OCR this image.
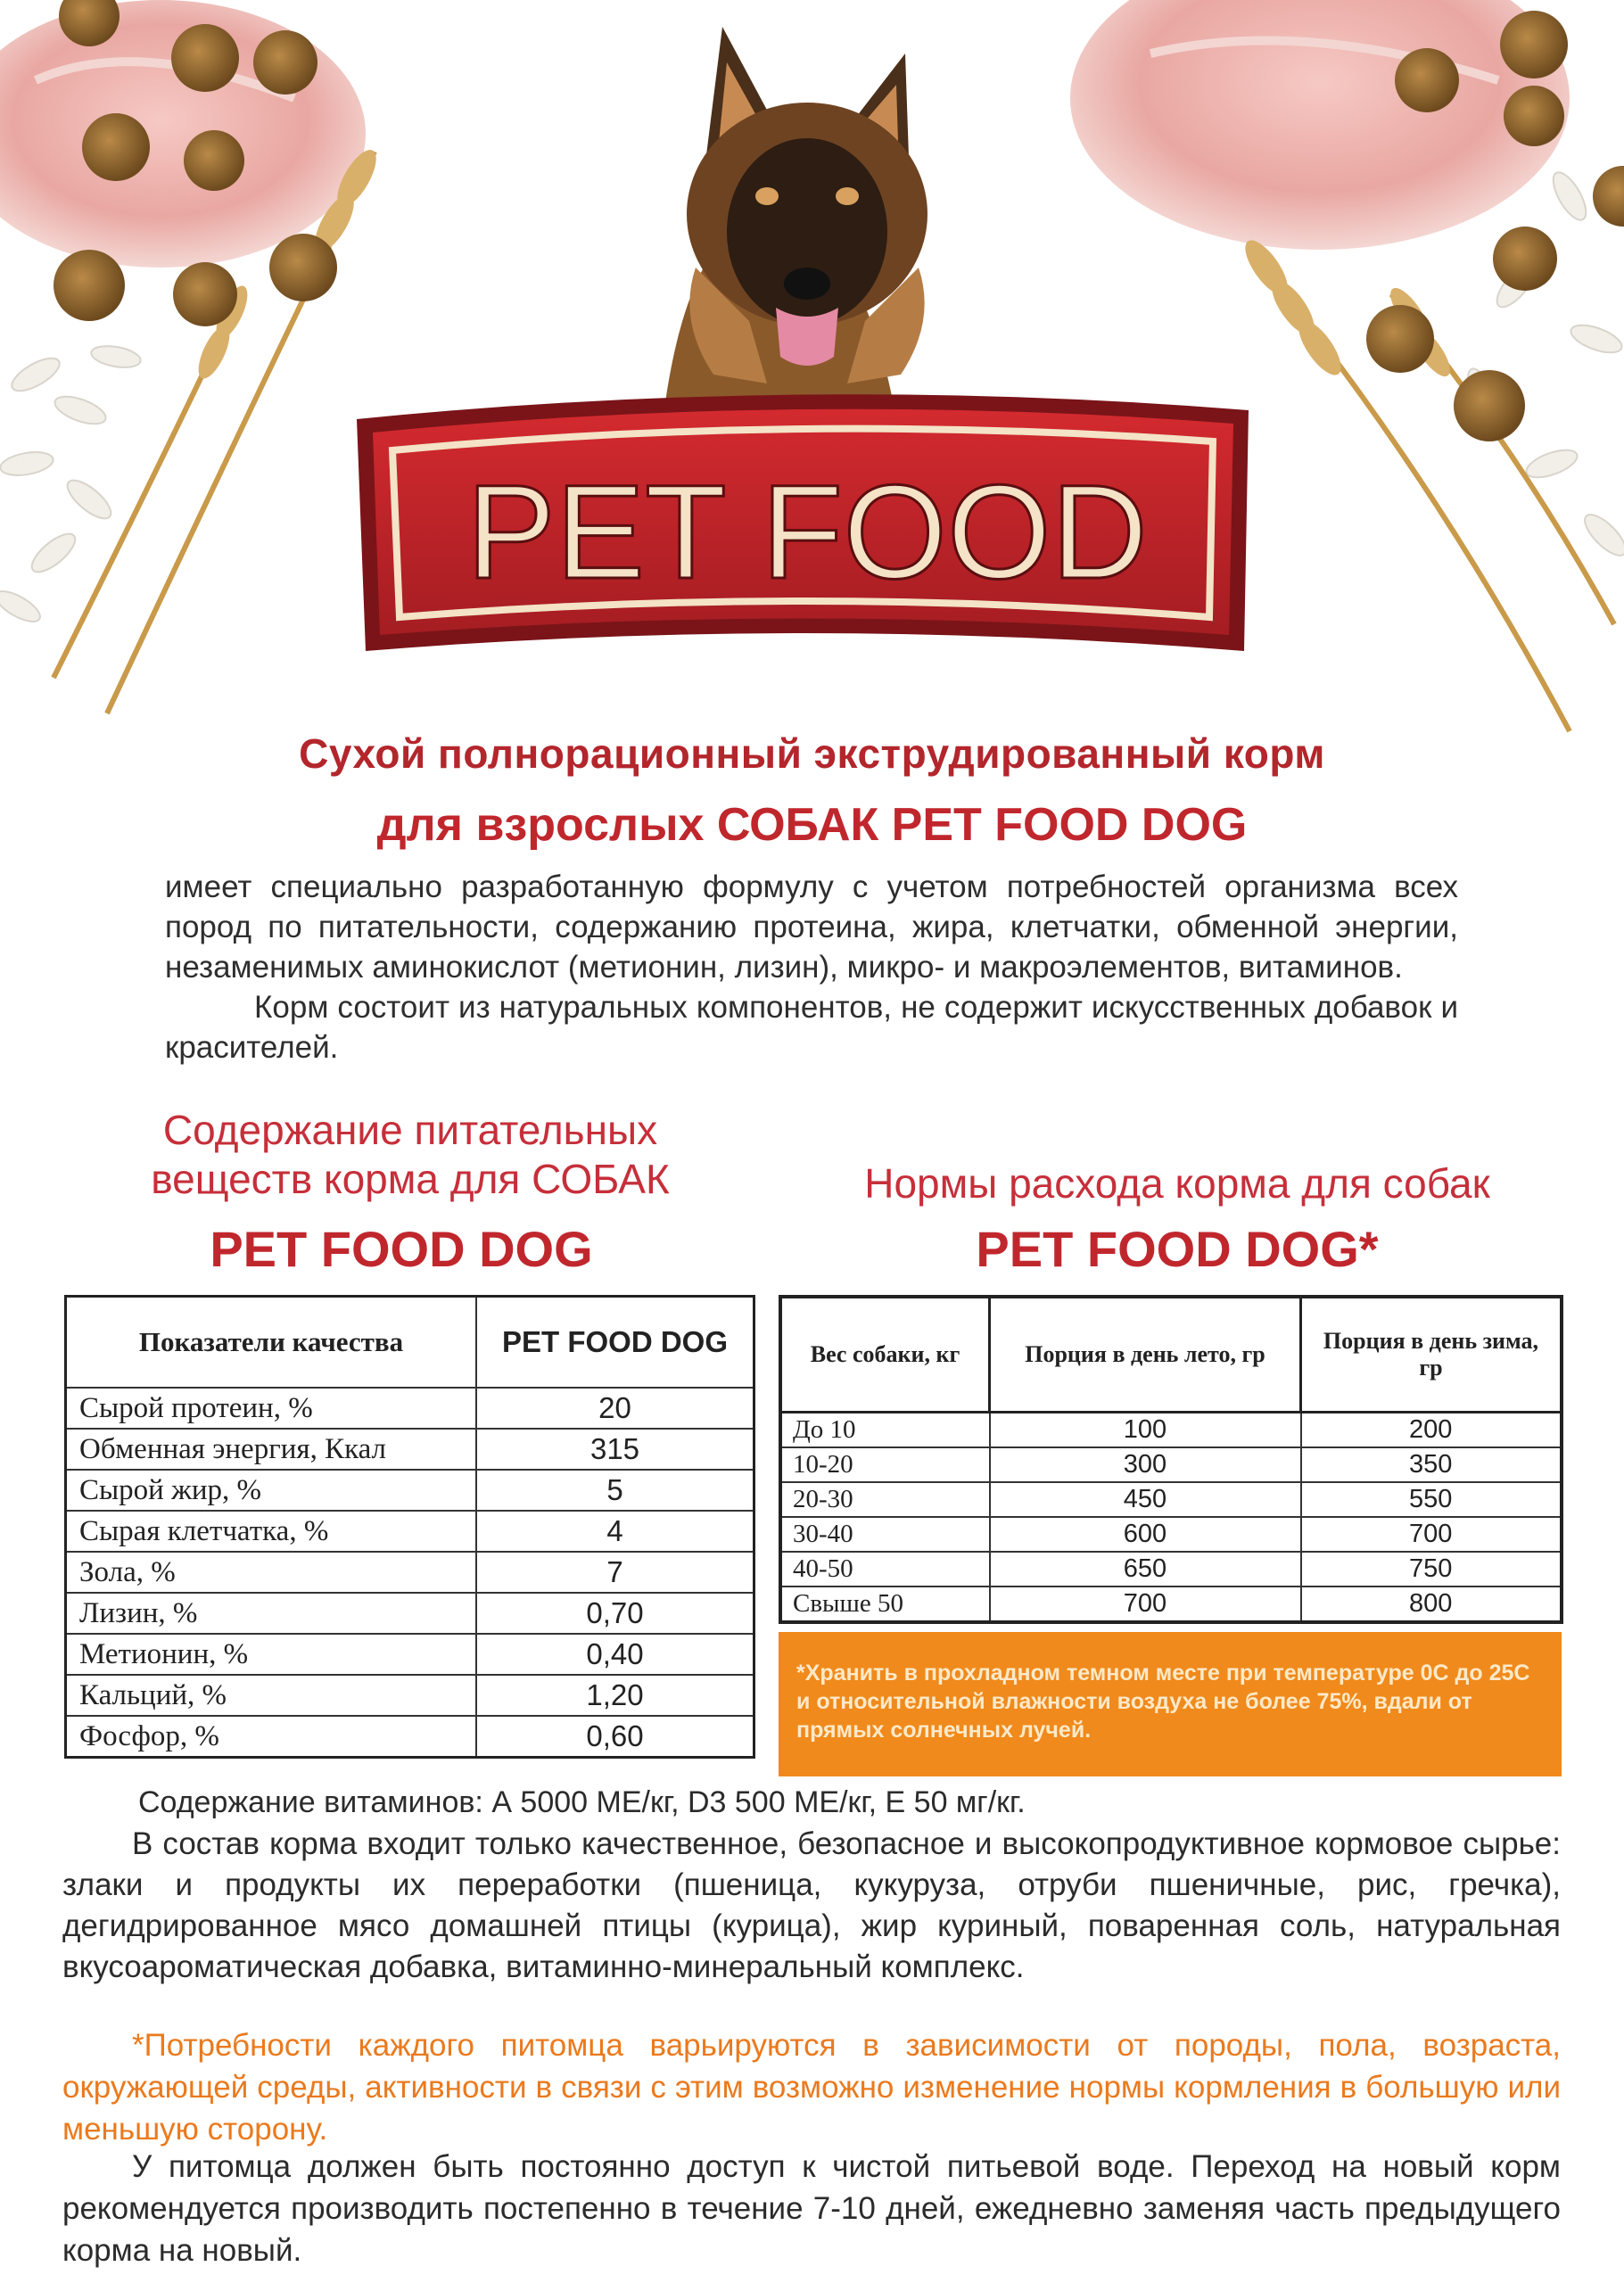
PET FOOD
Сухой полнорационный экструдированный корм
для взрослых СОБАК PET FOOD DOG

имеет специально разработанную формулу с учетом потребностей организма всех пород по питательности, содержанию протеина, жира, клетчатки, обменной энергии, незаменимых аминокислот (метионин, лизин), микро- и макроэлементов, витаминов.

Корм состоит из натуральных компонентов, не содержит искусственных добавок и красителей.

Содержание питательных
веществ корма для СОБАК
PET FOOD DOG
Нормы расхода корма для собак
PET FOOD DOG*
Показатели качества	PET FOOD DOG
Сырой протеин, %	20
Обменная энергия, Ккал	315
Сырой жир, %	5
Сырая клетчатка, %	4
Зола, %	7
Лизин, %	0,70
Метионин, %	0,40
Кальций, %	1,20
Фосфор, %	0,60
Вес собаки, кг	Порция в день лето, гр	Порция в день зима, гр
До 10	100	200
10-20	300	350
20-30	450	550
30-40	600	700
40-50	650	750
Свыше 50	700	800
*Хранить в прохладном темном месте при температуре 0С до 25С и относительной влажности воздуха не более 75%, вдали от прямых солнечных лучей.
Содержание витаминов: А 5000 МЕ/кг, D3 500 МЕ/кг, Е 50 мг/кг.
В состав корма входит только качественное, безопасное и высокопродуктивное кормовое сырье: злаки и продукты их переработки (пшеница, кукуруза, отруби пшеничные, рис, гречка), дегидрированное мясо домашней птицы (курица), жир куриный, поваренная соль, натуральная вкусоароматическая добавка, витаминно-минеральный комплекс.
*Потребности каждого питомца варьируются в зависимости от породы, пола, возраста, окружающей среды, активности в связи с этим возможно изменение нормы кормления в большую или меньшую сторону.
У питомца должен быть постоянно доступ к чистой питьевой воде. Переход на новый корм рекомендуется производить постепенно в течение 7-10 дней, ежедневно заменяя часть предыдущего корма на новый.
